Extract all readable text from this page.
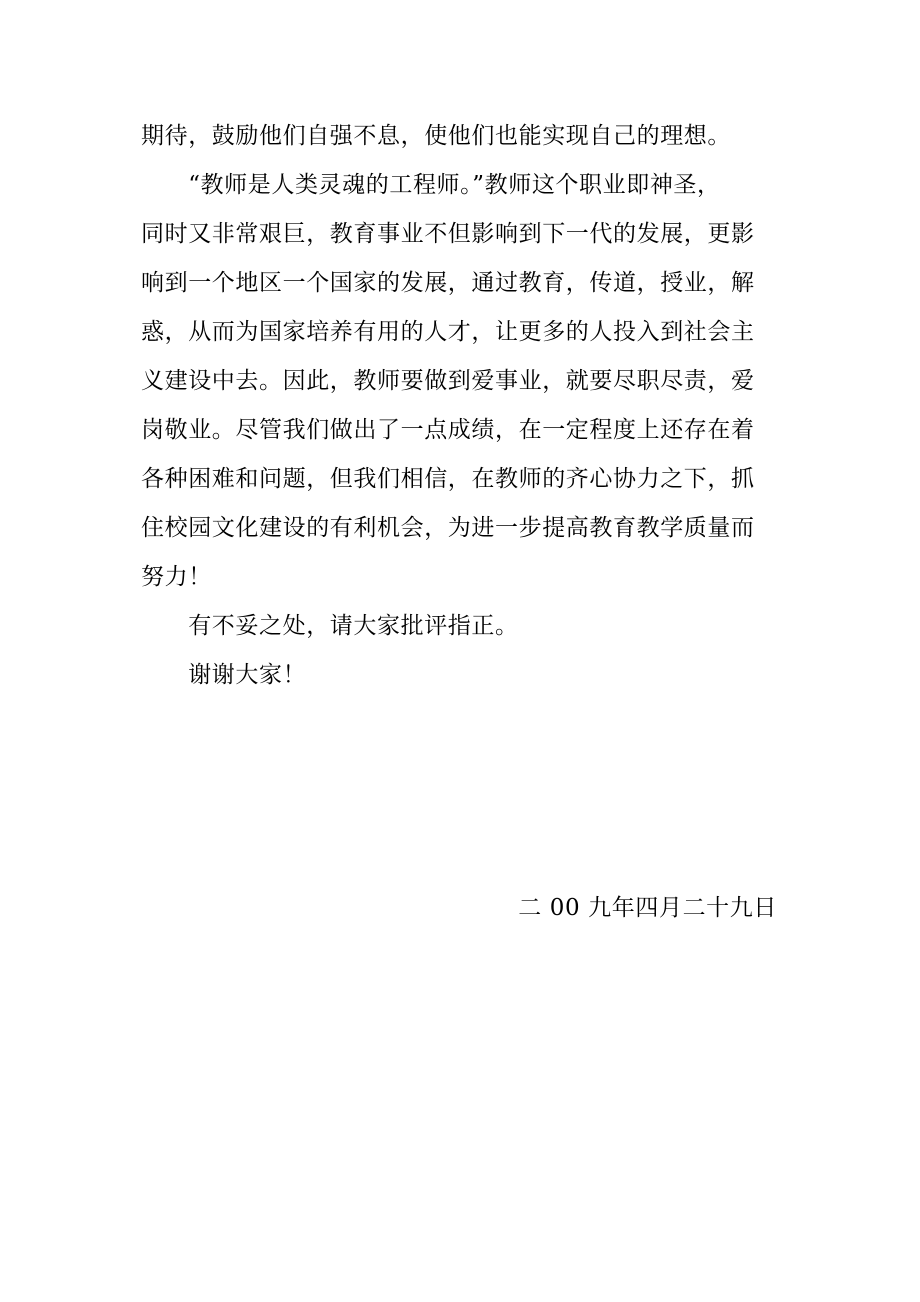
期待，鼓励他们自强不息，使他们也能实现自己的理想。
　　“教师是人类灵魂的工程师。”教师这个职业即神圣，
同时又非常艰巨，教育事业不但影响到下一代的发展，更影
响到一个地区一个国家的发展，通过教育，传道，授业，解
惑，从而为国家培养有用的人才，让更多的人投入到社会主
义建设中去。因此，教师要做到爱事业，就要尽职尽责，爱
岗敬业。尽管我们做出了一点成绩，在一定程度上还存在着
各种困难和问题，但我们相信，在教师的齐心协力之下，抓
住校园文化建设的有利机会，为进一步提高教育教学质量而
努力！
　　有不妥之处，请大家批评指正。
　　谢谢大家！
二 00 九年四月二十九日
